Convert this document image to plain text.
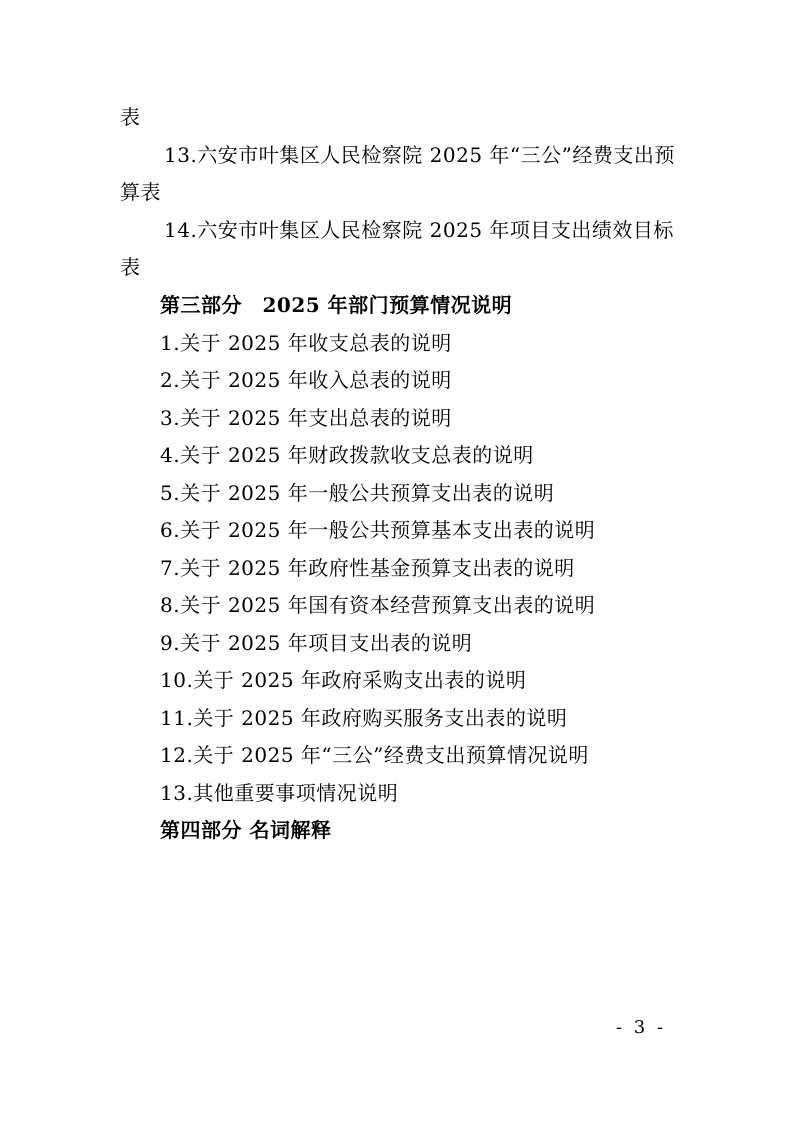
表
13.六安市叶集区人民检察院 2025 年“三公”经费支出预
算表
14.六安市叶集区人民检察院 2025 年项目支出绩效目标
表
第三部分　2025 年部门预算情况说明
1.关于 2025 年收支总表的说明
2.关于 2025 年收入总表的说明
3.关于 2025 年支出总表的说明
4.关于 2025 年财政拨款收支总表的说明
5.关于 2025 年一般公共预算支出表的说明
6.关于 2025 年一般公共预算基本支出表的说明
7.关于 2025 年政府性基金预算支出表的说明
8.关于 2025 年国有资本经营预算支出表的说明
9.关于 2025 年项目支出表的说明
10.关于 2025 年政府采购支出表的说明
11.关于 2025 年政府购买服务支出表的说明
12.关于 2025 年“三公”经费支出预算情况说明
13.其他重要事项情况说明
第四部分 名词解释
- 3 -
